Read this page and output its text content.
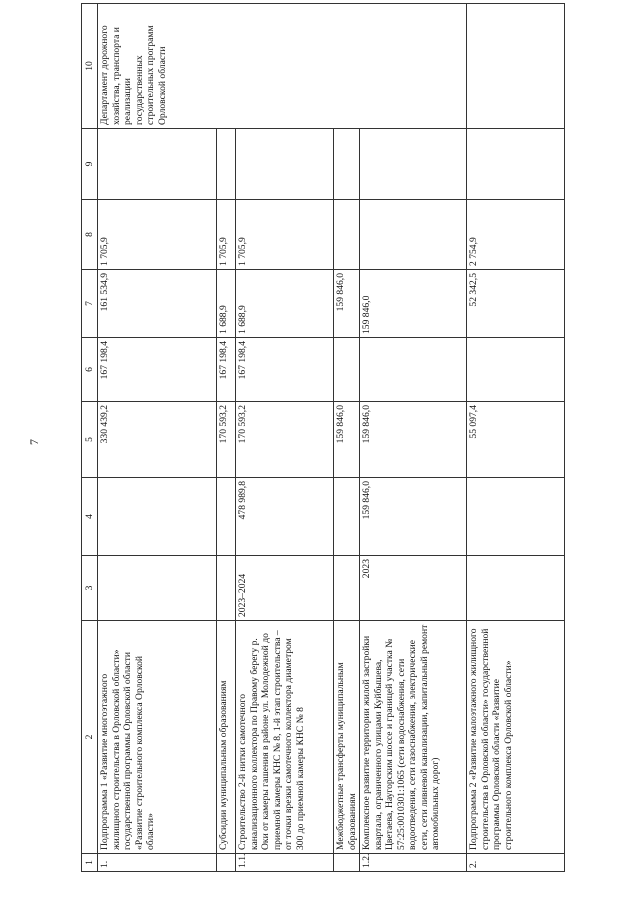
7
1	2	3	4	5	6	7	8	9	10
1.	Подпрограмма 1 «Развитие многоэтажного жилищного строительства в Орловской области» государственной программы Орловской области «Развитие строительного комплекса Орловской области»			330 439,2	167 198,4	161 534,9	1 705,9		Департамент дорожного хозяйства, транспорта и реализации государственных строительных программ Орловской области
	Субсидии муниципальным образованиям			170 593,2	167 198,4	1 688,9	1 705,9		
1.1.	Строительство 2-й нитки самотечного канализационного коллектора по Правому берегу р. Оки от камеры гашения в районе ул. Молодежной до приемной камеры КНС № 8, 1-й этап строительства – от точки врезки самотечного коллектора диаметром 300 до приемной камеры КНС № 8	2023–2024	478 989,8	170 593,2	167 198,4	1 688,9	1 705,9		
	Межбюджетные трансферты муниципальным образованиям			159 846,0		159 846,0			
1.2.	Комплексное развитие территории жилой застройки квартала, ограниченного улицами Куйбышева, Цветаева, Наугорским шоссе и границей участка № 57:25:0010301:1065 (сети водоснабжения, сети водоотведения, сети газоснабжения, электрические сети, сети ливневой канализации, капитальный ремонт автомобильных дорог)	2023	159 846,0	159 846,0		159 846,0			
2.	Подпрограмма 2 «Развитие малоэтажного жилищного строительства в Орловской области» государственной программы Орловской области «Развитие строительного комплекса Орловской области»			55 097,4		52 342,5	2 754,9		
